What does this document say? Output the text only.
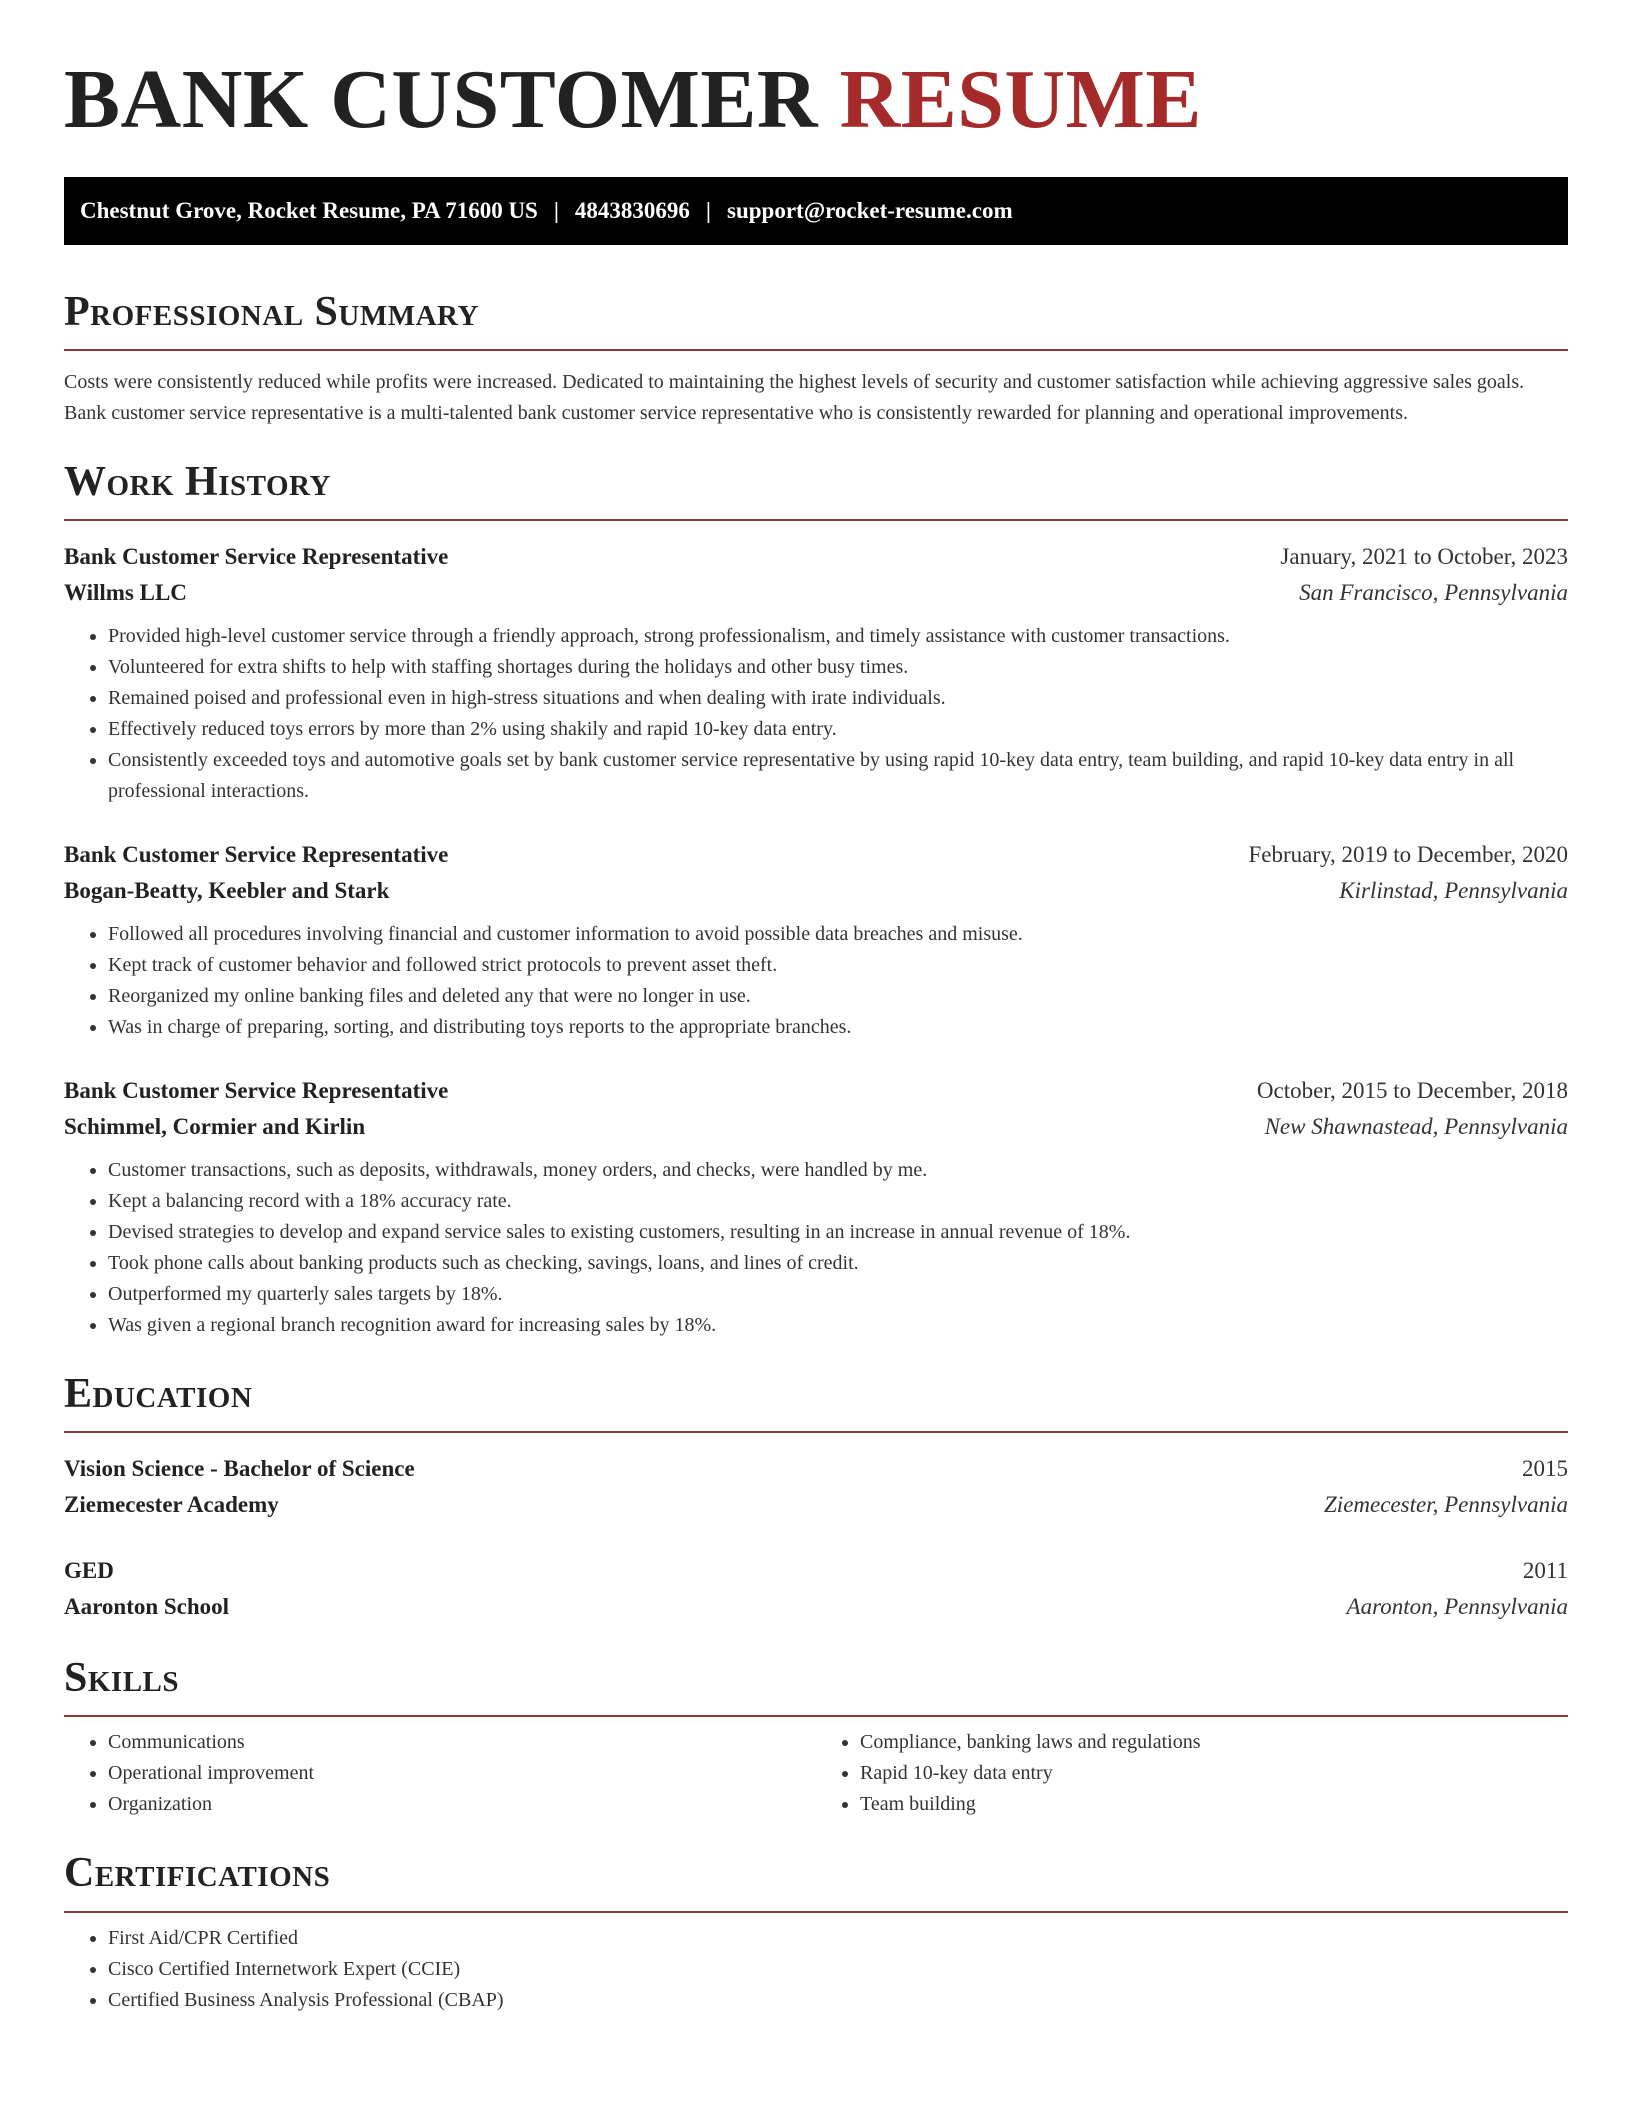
BANK CUSTOMER RESUME
Chestnut Grove, Rocket Resume, PA 71600 US | 4843830696 | support@rocket-resume.com
Professional Summary

Costs were consistently reduced while profits were increased. Dedicated to maintaining the highest levels of security and customer satisfaction while achieving aggressive sales goals. Bank customer service representative is a multi-talented bank customer service representative who is consistently rewarded for planning and operational improvements.

Work History
Bank Customer Service Representative	January, 2021 to October, 2023
Willms LLC	San Francisco, Pennsylvania
• Provided high-level customer service through a friendly approach, strong professionalism, and timely assistance with customer transactions.
• Volunteered for extra shifts to help with staffing shortages during the holidays and other busy times.
• Remained poised and professional even in high-stress situations and when dealing with irate individuals.
• Effectively reduced toys errors by more than 2% using shakily and rapid 10-key data entry.
• Consistently exceeded toys and automotive goals set by bank customer service representative by using rapid 10-key data entry, team building, and rapid 10-key data entry in all professional interactions.
Bank Customer Service Representative	February, 2019 to December, 2020
Bogan-Beatty, Keebler and Stark	Kirlinstad, Pennsylvania
• Followed all procedures involving financial and customer information to avoid possible data breaches and misuse.
• Kept track of customer behavior and followed strict protocols to prevent asset theft.
• Reorganized my online banking files and deleted any that were no longer in use.
• Was in charge of preparing, sorting, and distributing toys reports to the appropriate branches.
Bank Customer Service Representative	October, 2015 to December, 2018
Schimmel, Cormier and Kirlin	New Shawnastead, Pennsylvania
• Customer transactions, such as deposits, withdrawals, money orders, and checks, were handled by me.
• Kept a balancing record with a 18% accuracy rate.
• Devised strategies to develop and expand service sales to existing customers, resulting in an increase in annual revenue of 18%.
• Took phone calls about banking products such as checking, savings, loans, and lines of credit.
• Outperformed my quarterly sales targets by 18%.
• Was given a regional branch recognition award for increasing sales by 18%.
Education
Vision Science - Bachelor of Science	2015
Ziemecester Academy	Ziemecester, Pennsylvania
GED	2011
Aaronton School	Aaronton, Pennsylvania
Skills
• Communications
• Operational improvement
• Organization
• Compliance, banking laws and regulations
• Rapid 10-key data entry
• Team building
Certifications
• First Aid/CPR Certified
• Cisco Certified Internetwork Expert (CCIE)
• Certified Business Analysis Professional (CBAP)
